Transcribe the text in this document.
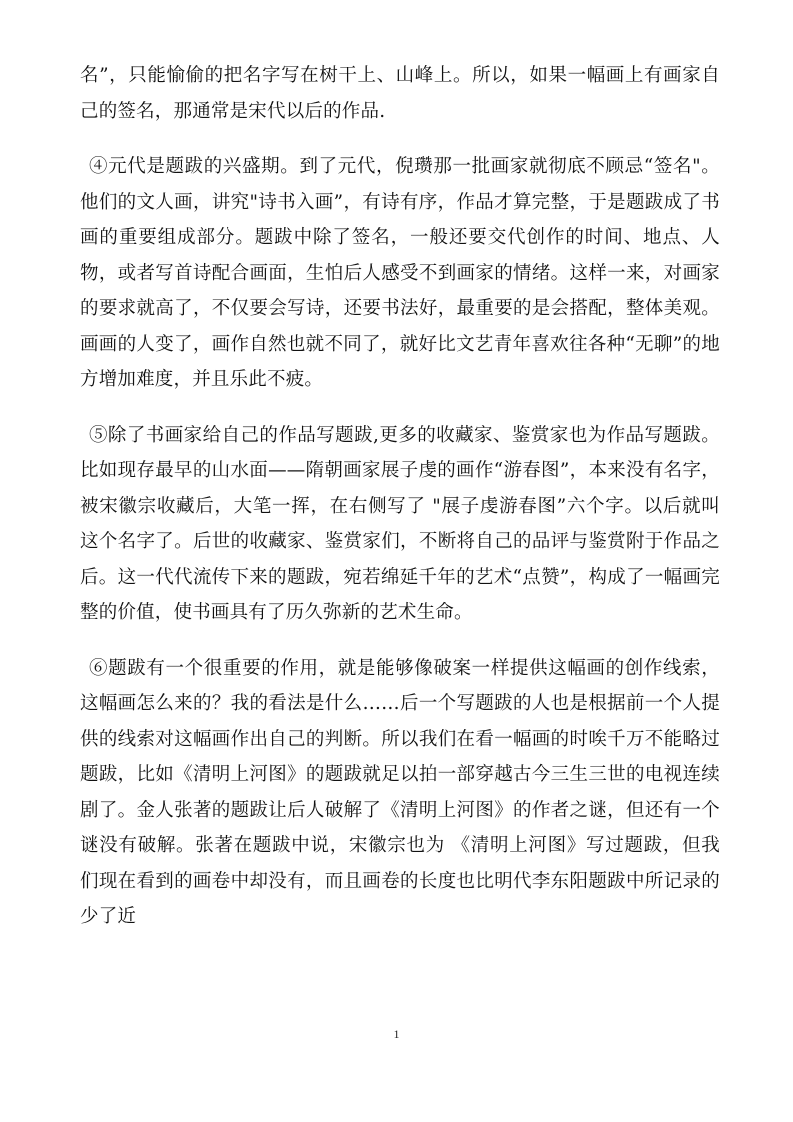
名”，只能愉偷的把名字写在树干上、山峰上。所以，如果一幅画上有画家自己的签名，那通常是宋代以后的作品.

④元代是题跋的兴盛期。到了元代，倪瓒那一批画家就彻底不顾忌“签名"。他们的文人画，讲究"诗书入画”，有诗有序，作品才算完整，于是题跋成了书画的重要组成部分。题跋中除了签名，一般还要交代创作的时间、地点、人物，或者写首诗配合画面，生怕后人感受不到画家的情绪。这样一来，对画家的要求就高了，不仅要会写诗，还要书法好，最重要的是会搭配，整体美观。画画的人变了，画作自然也就不同了，就好比文艺青年喜欢往各种“无聊”的地方增加难度，并且乐此不疲。

⑤除了书画家给自己的作品写题跋,更多的收藏家、鉴赏家也为作品写题跋。比如现存最早的山水面——隋朝画家展子虔的画作“游春图”，本来没有名字，被宋徽宗收藏后，大笔一挥，在右侧写了 "展子虔游春图”六个字。以后就叫这个名字了。后世的收藏家、鉴赏家们，不断将自己的品评与鉴赏附于作品之后。这一代代流传下来的题跋，宛若绵延千年的艺术“点赞”，构成了一幅画完整的价值，使书画具有了历久弥新的艺术生命。

⑥题跋有一个很重要的作用，就是能够像破案一样提供这幅画的创作线索，这幅画怎么来的？我的看法是什么……后一个写题跋的人也是根据前一个人提供的线索对这幅画作出自己的判断。所以我们在看一幅画的时唉千万不能略过题跋，比如《清明上河图》的题跋就足以拍一部穿越古今三生三世的电视连续剧了。金人张著的题跋让后人破解了《清明上河图》的作者之谜，但还有一个谜没有破解。张著在题跋中说，宋徽宗也为 《清明上河图》写过题跋，但我们现在看到的画卷中却没有，而且画卷的长度也比明代李东阳题跋中所记录的少了近

1
